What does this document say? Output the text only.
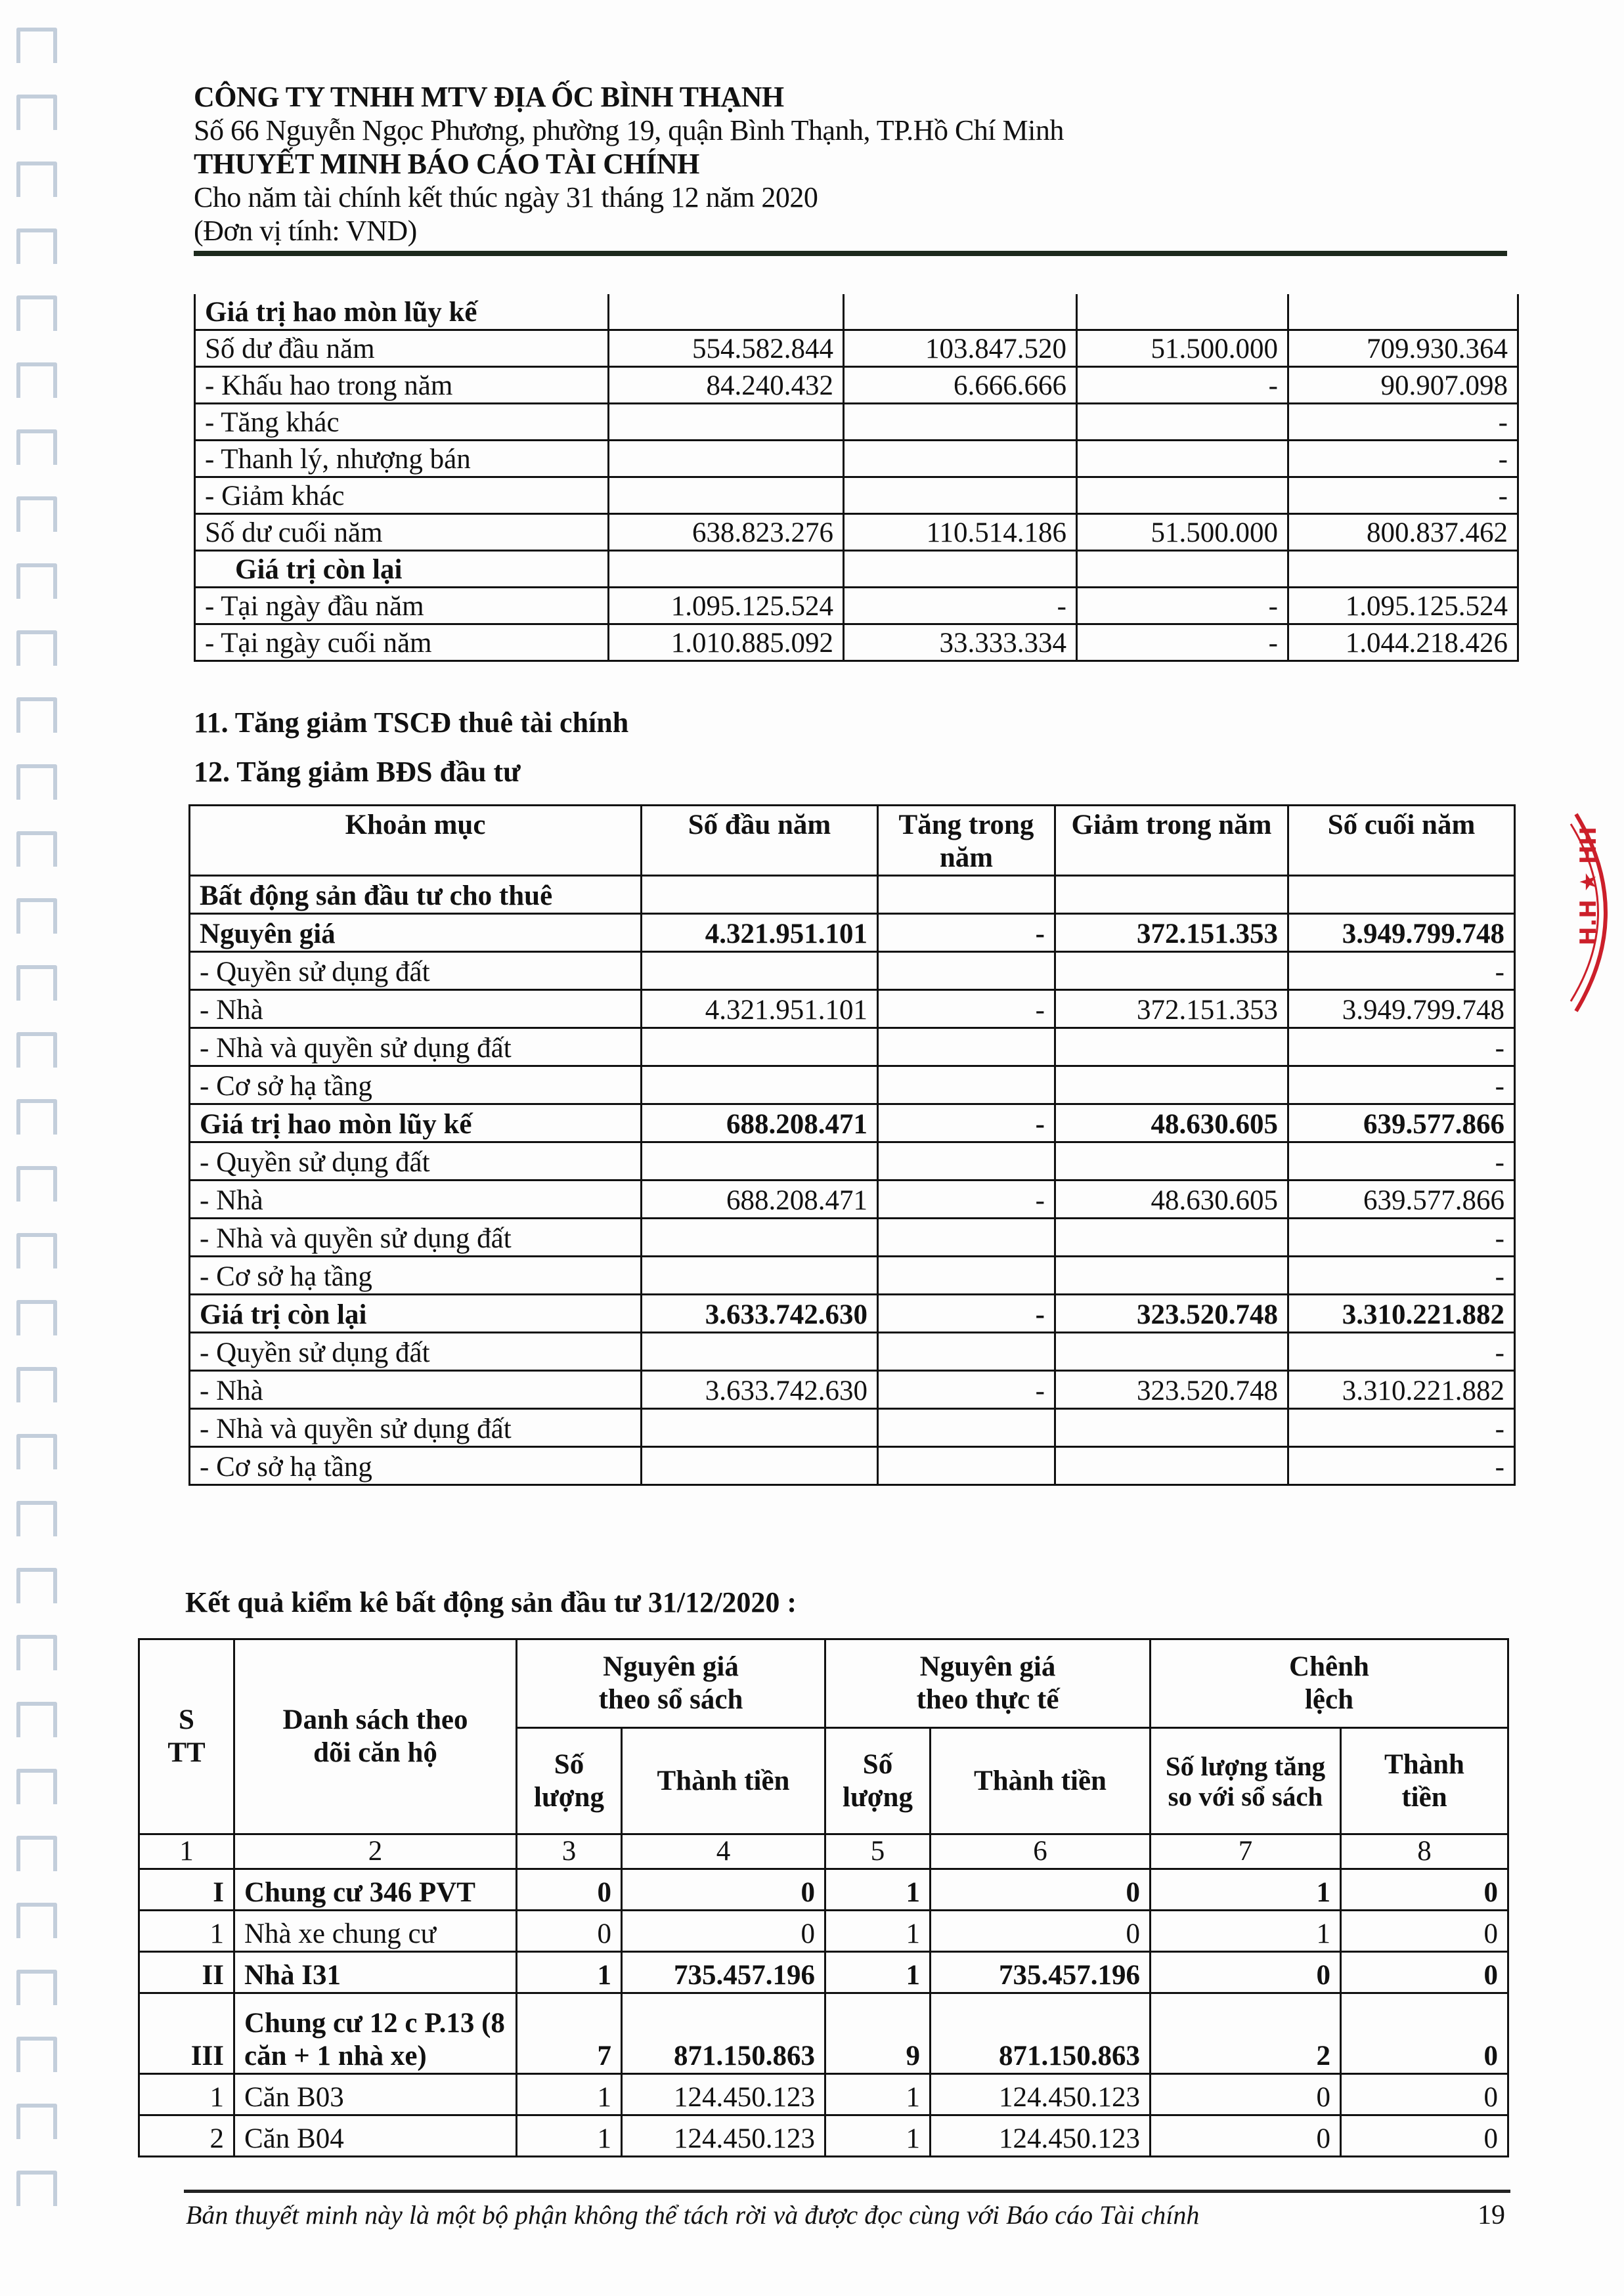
CÔNG TY TNHH MTV ĐỊA ỐC BÌNH THẠNH
Số 66 Nguyễn Ngọc Phương, phường 19, quận Bình Thạnh, TP.Hồ Chí Minh
THUYẾT MINH BÁO CÁO TÀI CHÍNH
Cho năm tài chính kết thúc ngày 31 tháng 12 năm 2020
(Đơn vị tính: VND)
Giá trị hao mòn lũy kế				
Số dư đầu năm	554.582.844	103.847.520	51.500.000	709.930.364
- Khấu hao trong năm	84.240.432	6.666.666	-	90.907.098
- Tăng khác				-
- Thanh lý, nhượng bán				-
- Giảm khác				-
Số dư cuối năm	638.823.276	110.514.186	51.500.000	800.837.462
Giá trị còn lại				
- Tại ngày đầu năm	1.095.125.524	-	-	1.095.125.524
- Tại ngày cuối năm	1.010.885.092	33.333.334	-	1.044.218.426
11. Tăng giảm TSCĐ thuê tài chính
12. Tăng giảm BĐS đầu tư
Khoản mục	Số đầu năm	Tăng trong năm	Giảm trong năm	Số cuối năm
Bất động sản đầu tư cho thuê				
Nguyên giá	4.321.951.101	-	372.151.353	3.949.799.748
- Quyền sử dụng đất				-
- Nhà	4.321.951.101	-	372.151.353	3.949.799.748
- Nhà và quyền sử dụng đất				-
- Cơ sở hạ tầng				-
Giá trị hao mòn lũy kế	688.208.471	-	48.630.605	639.577.866
- Quyền sử dụng đất				-
- Nhà	688.208.471	-	48.630.605	639.577.866
- Nhà và quyền sử dụng đất				-
- Cơ sở hạ tầng				-
Giá trị còn lại	3.633.742.630	-	323.520.748	3.310.221.882
- Quyền sử dụng đất				-
- Nhà	3.633.742.630	-	323.520.748	3.310.221.882
- Nhà và quyền sử dụng đất				-
- Cơ sở hạ tầng				-
Kết quả kiểm kê bất động sản đầu tư 31/12/2020 :
S TT	Danh sách theo dõi căn hộ	Nguyên giá theo sổ sách		Nguyên giá theo thực tế		Chênh lệch	
		Số lượng	Thành tiền	Số lượng	Thành tiền	Số lượng tăng so với sổ sách	Thành tiền
1	2	3	4	5	6	7	8
I	Chung cư 346 PVT	0	0	1	0	1	0
1	Nhà xe chung cư	0	0	1	0	1	0
II	Nhà I31	1	735.457.196	1	735.457.196	0	0
III	Chung cư 12 c P.13 (8 căn + 1 nhà xe)	7	871.150.863	9	871.150.863	2	0
1	Căn B03	1	124.450.123	1	124.450.123	0	0
2	Căn B04	1	124.450.123	1	124.450.123	0	0
Bản thuyết minh này là một bộ phận không thể tách rời và được đọc cùng với Báo cáo Tài chính	19
H.H ★ HH
